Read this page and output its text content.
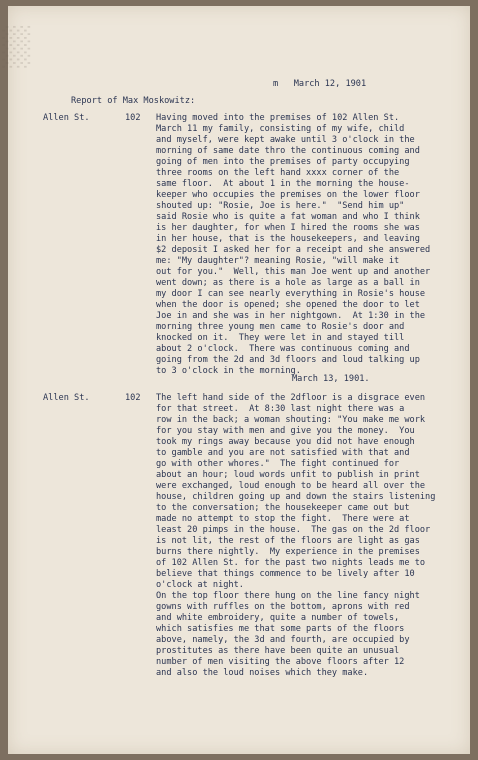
░░░
m March 12, 1901
Report of Max Moskowitz:
Allen St.	102 Having moved into the premises of 102 Allen St.
March 11 my family, consisting of my wife, child
and myself, were kept awake until 3 o'clock in the
morning of same date thro the continuous coming and
going of men into the premises of party occupying
three rooms on the left hand xxxx corner of the
same floor.  At about 1 in the morning the house-
keeper who occupies the premises on the lower floor
shouted up: "Rosie, Joe is here."  "Send him up"
said Rosie who is quite a fat woman and who I think
is her daughter, for when I hired the rooms she was
in her house, that is the housekeepers, and leaving
$2 deposit I asked her for a receipt and she answered
me: "My daughter"? meaning Rosie, "will make it
out for you."  Well, this man Joe went up and another
went down; as there is a hole as large as a ball in
my door I can see nearly everything in Rosie's house
when the door is opened; she opened the door to let
Joe in and she was in her nightgown.  At 1:30 in the
morning three young men came to Rosie's door and
knocked on it.  They were let in and stayed till
about 2 o'clock.  There was continuous coming and
going from the 2d and 3d floors and loud talking up
to 3 o'clock in the morning.
March 13, 1901.
Allen St.	102 The left hand side of the 2dfloor is a disgrace even
for that street.  At 8:30 last night there was a
row in the back; a woman shouting: "You make me work
for you stay with men and give you the money.  You
took my rings away because you did not have enough
to gamble and you are not satisfied with that and
go with other whores."  The fight continued for
about an hour; loud words unfit to publish in print
were exchanged, loud enough to be heard all over the
house, children going up and down the stairs listening
to the conversation; the housekeeper came out but
made no attempt to stop the fight.  There were at
least 20 pimps in the house.  The gas on the 2d floor
is not lit, the rest of the floors are light as gas
burns there nightly.  My experience in the premises
of 102 Allen St. for the past two nights leads me to
believe that things commence to be lively after 10
o'clock at night.
On the top floor there hung on the line fancy night
gowns with ruffles on the bottom, aprons with red
and white embroidery, quite a number of towels,
which satisfies me that some parts of the floors
above, namely, the 3d and fourth, are occupied by
prostitutes as there have been quite an unusual
number of men visiting the above floors after 12
and also the loud noises which they make.
